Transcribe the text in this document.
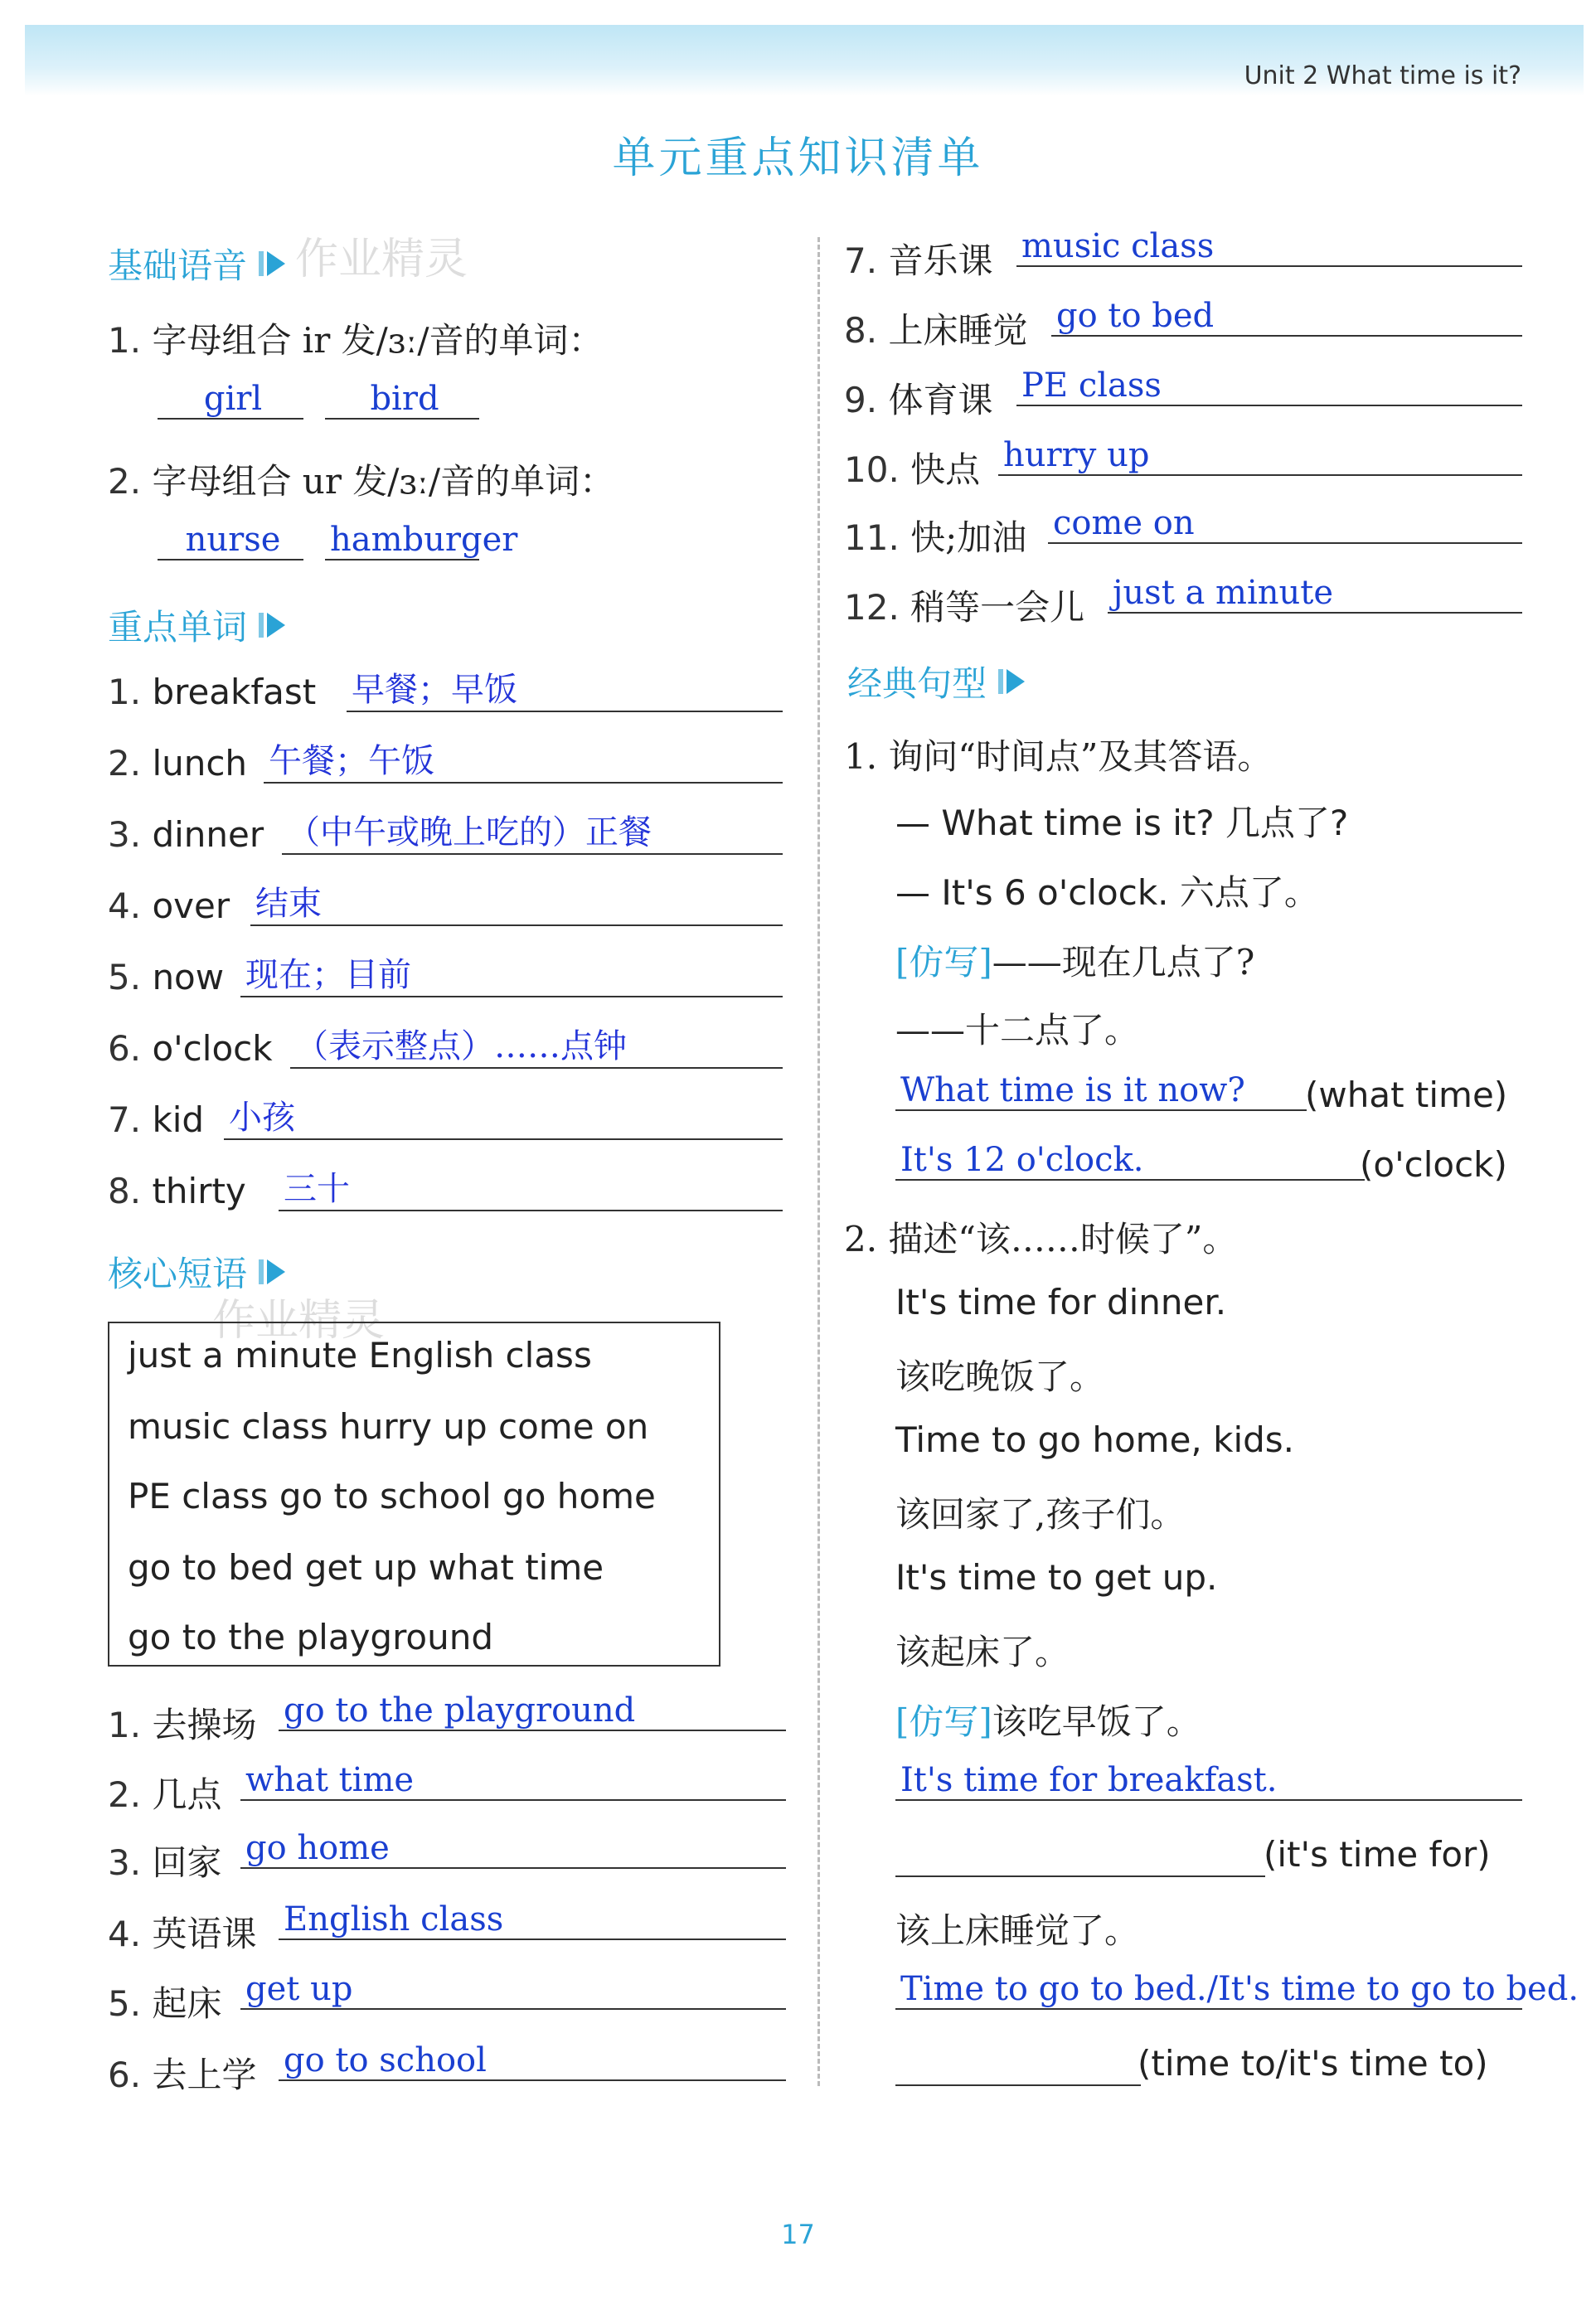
Unit 2 What time is it?
单元重点知识清单
基础语音 作业精灵
1. 字母组合 ir 发/ɜː/音的单词：
girl	bird
2. 字母组合 ur 发/ɜː/音的单词：
nurse	hamburger
重点单词
1. breakfast 早餐；早饭
2. lunch 午餐；午饭
3. dinner （中午或晚上吃的）正餐
4. over 结束
5. now 现在；目前
6. o'clock （表示整点）……点钟
7. kid 小孩
8. thirty 三十
核心短语
作业精灵
just a minute English class
music class hurry up come on
PE class go to school go home
go to bed get up what time
go to the playground
1. 去操场 go to the playground
2. 几点 what time
3. 回家 go home
4. 英语课 English class
5. 起床 get up
6. 去上学 go to school
7. 音乐课 music class
8. 上床睡觉 go to bed
9. 体育课 PE class
10. 快点 hurry up
11. 快;加油 come on
12. 稍等一会儿 just a minute
经典句型
1. 询问“时间点”及其答语。
— What time is it? 几点了?
— It's 6 o'clock. 六点了。
[仿写]——现在几点了?
——十二点了。
What time is it now?	(what time)
It's 12 o'clock.	(o'clock)
2. 描述“该……时候了”。
It's time for dinner.
该吃晚饭了。
Time to go home, kids.
该回家了,孩子们。
It's time to get up.
该起床了。
[仿写]该吃早饭了。
It's time for breakfast.
(it's time for)
该上床睡觉了。
Time to go to bed./It's time to go to bed.
(time to/it's time to)
17
